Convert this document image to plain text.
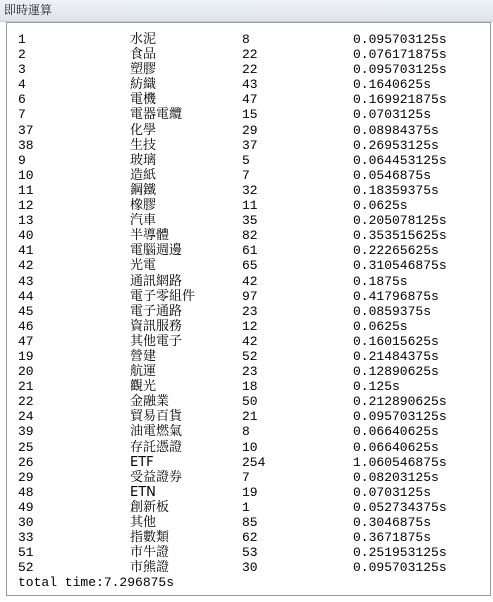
即時運算
1	水泥	8	0.095703125s
2	食品	22	0.076171875s
3	塑膠	22	0.095703125s
4	紡織	43	0.1640625s
6	電機	47	0.169921875s
7	電器電纜	15	0.0703125s
37	化學	29	0.08984375s
38	生技	37	0.26953125s
9	玻璃	5	0.064453125s
10	造紙	7	0.0546875s
11	鋼鐵	32	0.18359375s
12	橡膠	11	0.0625s
13	汽車	35	0.205078125s
40	半導體	82	0.353515625s
41	電腦週邊	61	0.22265625s
42	光電	65	0.310546875s
43	通訊網路	42	0.1875s
44	電子零組件	97	0.41796875s
45	電子通路	23	0.0859375s
46	資訊服務	12	0.0625s
47	其他電子	42	0.16015625s
19	營建	52	0.21484375s
20	航運	23	0.12890625s
21	觀光	18	0.125s
22	金融業	50	0.212890625s
24	貿易百貨	21	0.095703125s
39	油電燃氣	8	0.06640625s
25	存託憑證	10	0.06640625s
26	ETF	254	1.060546875s
29	受益證券	7	0.08203125s
48	ETN	19	0.0703125s
49	創新板	1	0.052734375s
30	其他	85	0.3046875s
33	指數類	62	0.3671875s
51	市牛證	53	0.251953125s
52	市熊證	30	0.095703125s
total time:7.296875s
